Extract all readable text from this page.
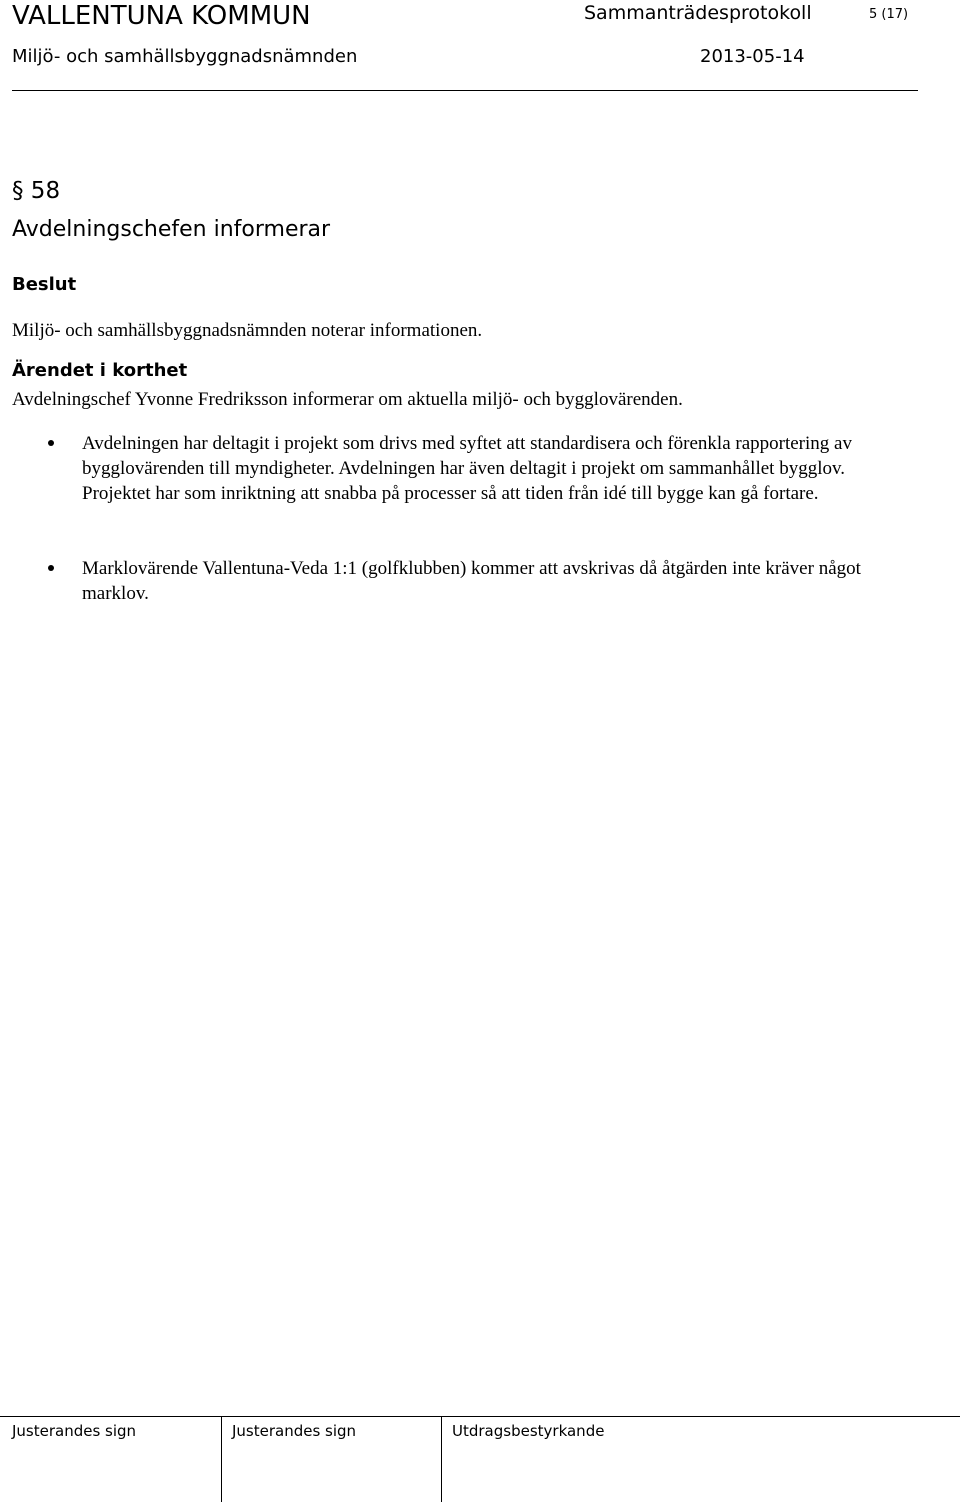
VALLENTUNA KOMMUN	Sammanträdesprotokoll	5 (17)
Miljö- och samhällsbyggnadsnämnden	2013-05-14
§ 58
Avdelningschefen informerar
Beslut
Miljö- och samhällsbyggnadsnämnden noterar informationen.
Ärendet i korthet
Avdelningschef Yvonne Fredriksson informerar om aktuella miljö- och bygglovärenden.
Avdelningen har deltagit i projekt som drivs med syftet att standardisera och förenkla rapportering av bygglovärenden till myndigheter. Avdelningen har även deltagit i projekt om sammanhållet bygglov. Projektet har som inriktning att snabba på processer så att tiden från idé till bygge kan gå fortare.
Marklovärende Vallentuna-Veda 1:1 (golfklubben) kommer att avskrivas då åtgärden inte kräver något marklov.
Justerandes sign	Justerandes sign	Utdragsbestyrkande
